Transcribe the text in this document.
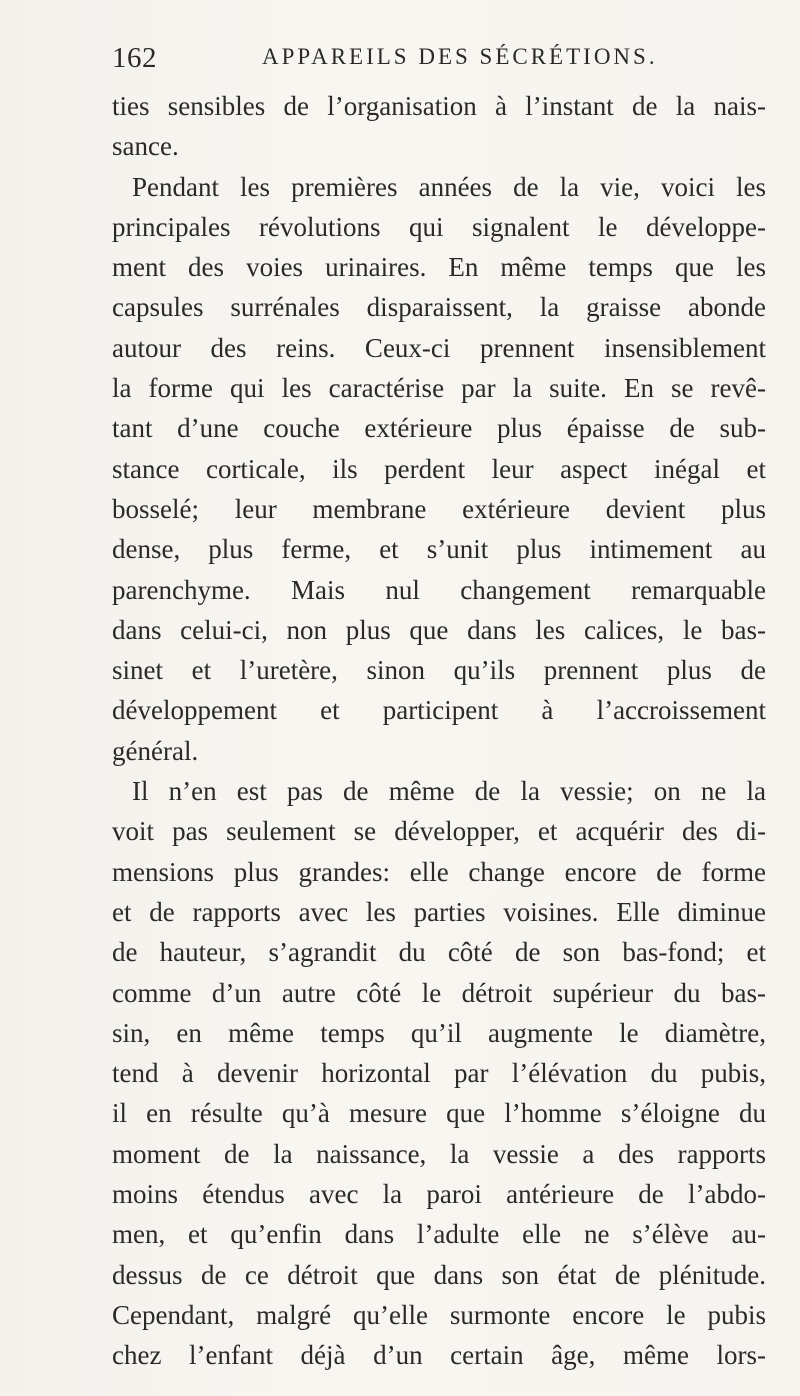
162	APPAREILS DES SÉCRÉTIONS.
ties sensibles de l’organisation à l’instant de la nais-
sance.
Pendant les premières années de la vie, voici les
principales révolutions qui signalent le développe-
ment des voies urinaires. En même temps que les
capsules surrénales disparaissent, la graisse abonde
autour des reins. Ceux-ci prennent insensiblement
la forme qui les caractérise par la suite. En se revê-
tant d’une couche extérieure plus épaisse de sub-
stance corticale, ils perdent leur aspect inégal et
bosselé; leur membrane extérieure devient plus
dense, plus ferme, et s’unit plus intimement au
parenchyme. Mais nul changement remarquable
dans celui-ci, non plus que dans les calices, le bas-
sinet et l’uretère, sinon qu’ils prennent plus de
développement et participent à l’accroissement
général.
Il n’en est pas de même de la vessie; on ne la
voit pas seulement se développer, et acquérir des di-
mensions plus grandes: elle change encore de forme
et de rapports avec les parties voisines. Elle diminue
de hauteur, s’agrandit du côté de son bas-fond; et
comme d’un autre côté le détroit supérieur du bas-
sin, en même temps qu’il augmente le diamètre,
tend à devenir horizontal par l’élévation du pubis,
il en résulte qu’à mesure que l’homme s’éloigne du
moment de la naissance, la vessie a des rapports
moins étendus avec la paroi antérieure de l’abdo-
men, et qu’enfin dans l’adulte elle ne s’élève au-
dessus de ce détroit que dans son état de plénitude.
Cependant, malgré qu’elle surmonte encore le pubis
chez l’enfant déjà d’un certain âge, même lors-
